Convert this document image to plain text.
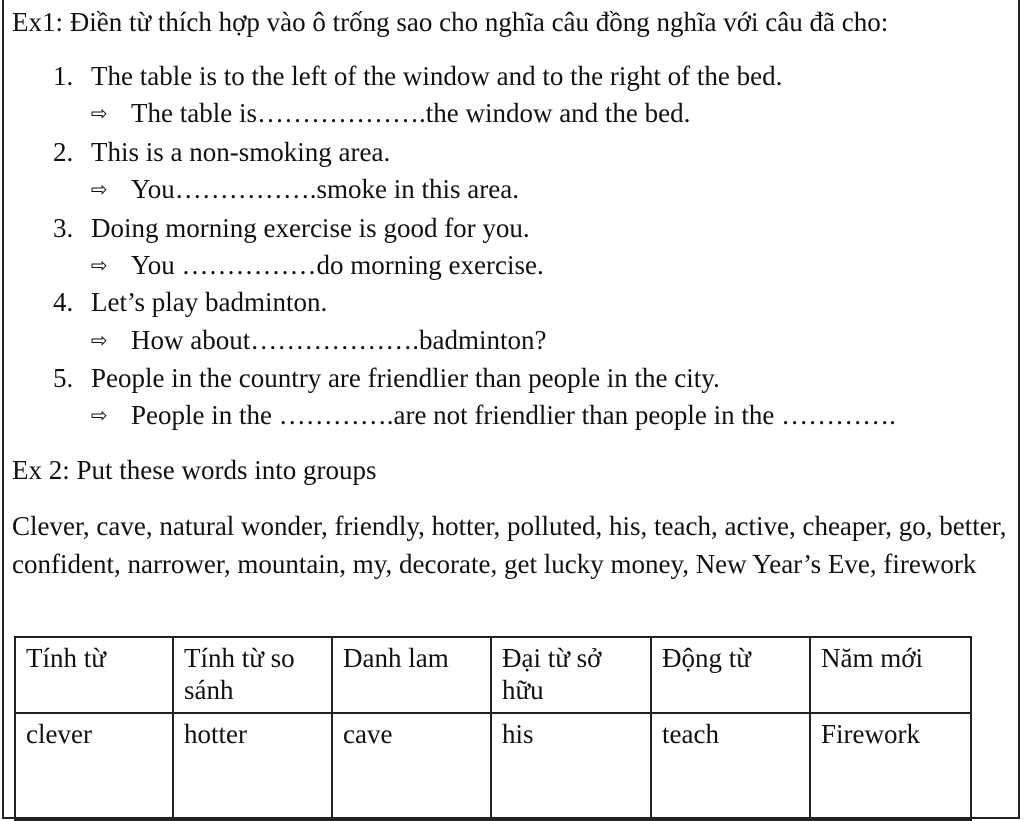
Ex1: Điền từ thích hợp vào ô trống sao cho nghĩa câu đồng nghĩa với câu đã cho:
1. The table is to the left of the window and to the right of the bed.
⇨ The table is……………….the window and the bed.
2. This is a non-smoking area.
⇨ You…………….smoke in this area.
3. Doing morning exercise is good for you.
⇨ You ……………do morning exercise.
4. Let’s play badminton.
⇨ How about……………….badminton?
5. People in the country are friendlier than people in the city.
⇨ People in the ………….are not friendlier than people in the ………….
Ex 2: Put these words into groups
Clever, cave, natural wonder, friendly, hotter, polluted, his, teach, active, cheaper, go, better, confident, narrower, mountain, my, decorate, get lucky money, New Year’s Eve, firework
Tính từ	Tính từ so sánh	Danh lam	Đại từ sở hữu	Động từ	Năm mới
clever	hotter	cave	his	teach	Firework
